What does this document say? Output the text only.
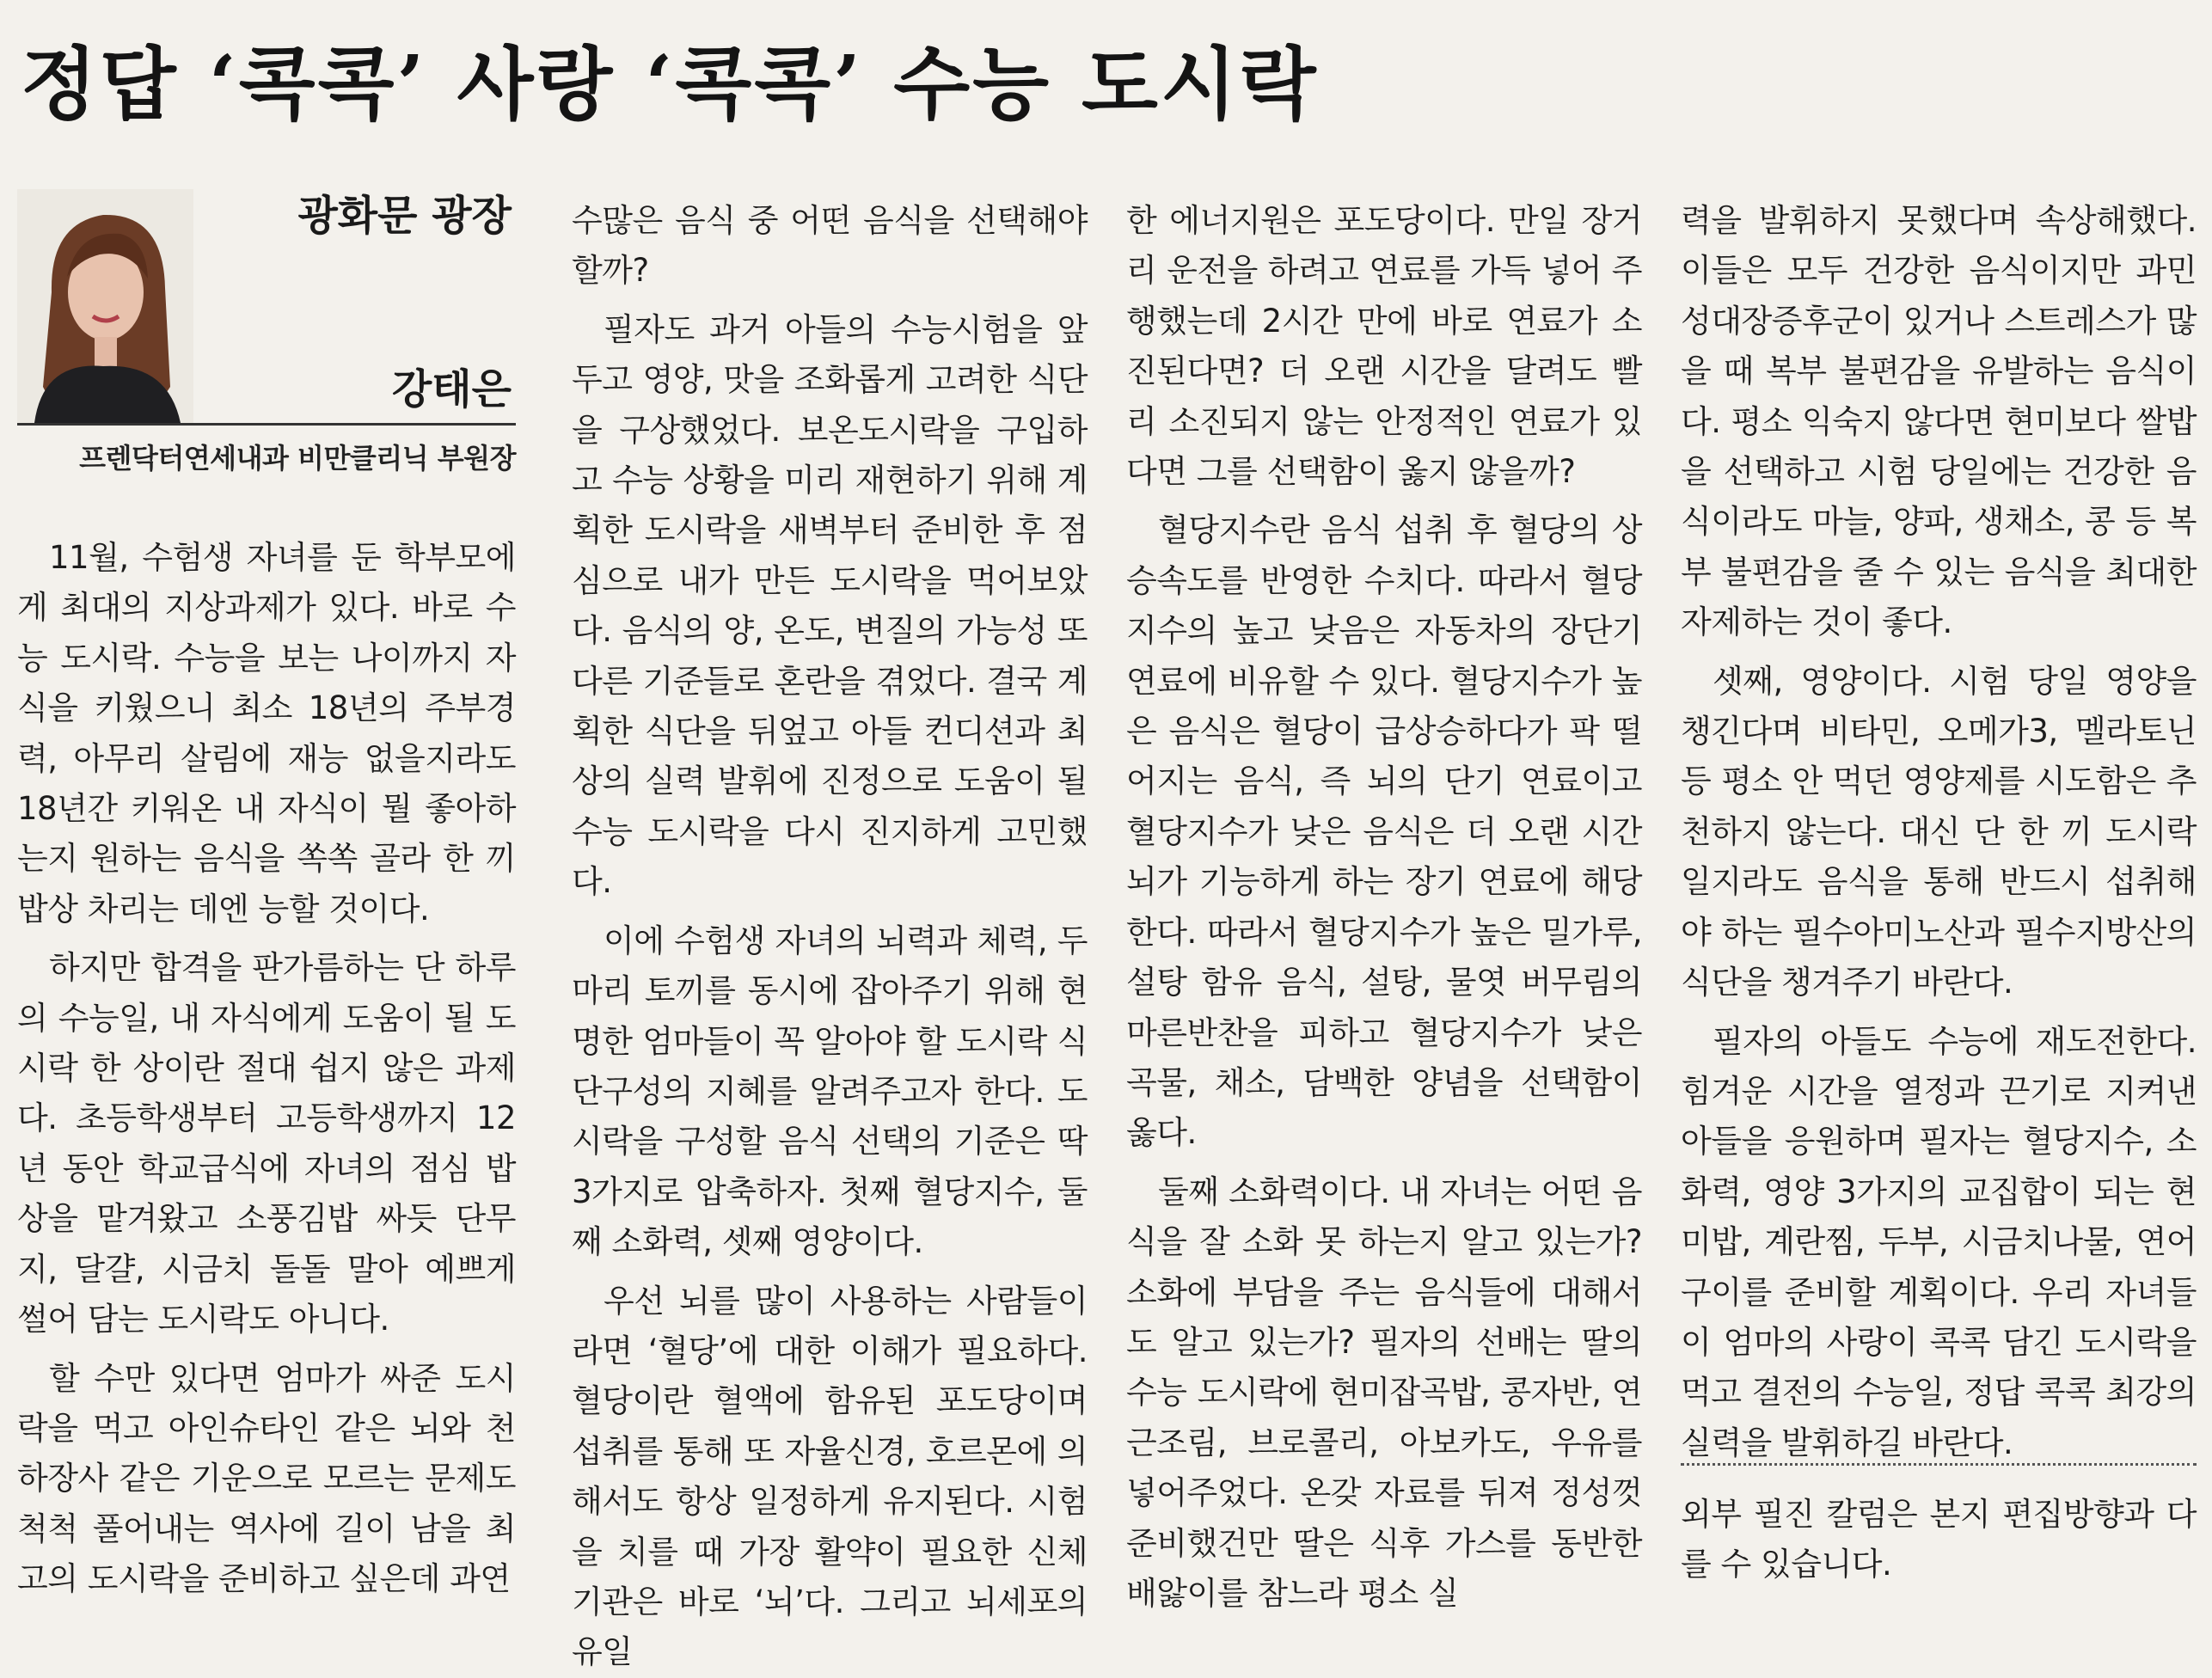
정답 ‘콕콕’ 사랑 ‘콕콕’ 수능 도시락
광화문 광장
강태은
프렌닥터연세내과 비만클리닉 부원장

11월, 수험생 자녀를 둔 학부모에게 최대의 지상과제가 있다. 바로 수능 도시락. 수능을 보는 나이까지 자식을 키웠으니 최소 18년의 주부경력, 아무리 살림에 재능 없을지라도 18년간 키워온 내 자식이 뭘 좋아하는지 원하는 음식을 쏙쏙 골라 한 끼 밥상 차리는 데엔 능할 것이다.

하지만 합격을 판가름하는 단 하루의 수능일, 내 자식에게 도움이 될 도시락 한 상이란 절대 쉽지 않은 과제다. 초등학생부터 고등학생까지 12년 동안 학교급식에 자녀의 점심 밥상을 맡겨왔고 소풍김밥 싸듯 단무지, 달걀, 시금치 돌돌 말아 예쁘게 썰어 담는 도시락도 아니다.

할 수만 있다면 엄마가 싸준 도시락을 먹고 아인슈타인 같은 뇌와 천하장사 같은 기운으로 모르는 문제도 척척 풀어내는 역사에 길이 남을 최고의 도시락을 준비하고 싶은데 과연

수많은 음식 중 어떤 음식을 선택해야 할까?

필자도 과거 아들의 수능시험을 앞두고 영양, 맛을 조화롭게 고려한 식단을 구상했었다. 보온도시락을 구입하고 수능 상황을 미리 재현하기 위해 계획한 도시락을 새벽부터 준비한 후 점심으로 내가 만든 도시락을 먹어보았다. 음식의 양, 온도, 변질의 가능성 또 다른 기준들로 혼란을 겪었다. 결국 계획한 식단을 뒤엎고 아들 컨디션과 최상의 실력 발휘에 진정으로 도움이 될 수능 도시락을 다시 진지하게 고민했다.

이에 수험생 자녀의 뇌력과 체력, 두 마리 토끼를 동시에 잡아주기 위해 현명한 엄마들이 꼭 알아야 할 도시락 식단구성의 지혜를 알려주고자 한다. 도시락을 구성할 음식 선택의 기준은 딱 3가지로 압축하자. 첫째 혈당지수, 둘째 소화력, 셋째 영양이다.

우선 뇌를 많이 사용하는 사람들이라면 ‘혈당’에 대한 이해가 필요하다. 혈당이란 혈액에 함유된 포도당이며 섭취를 통해 또 자율신경, 호르몬에 의해서도 항상 일정하게 유지된다. 시험을 치를 때 가장 활약이 필요한 신체 기관은 바로 ‘뇌’다. 그리고 뇌세포의 유일

한 에너지원은 포도당이다. 만일 장거리 운전을 하려고 연료를 가득 넣어 주행했는데 2시간 만에 바로 연료가 소진된다면? 더 오랜 시간을 달려도 빨리 소진되지 않는 안정적인 연료가 있다면 그를 선택함이 옳지 않을까?

혈당지수란 음식 섭취 후 혈당의 상승속도를 반영한 수치다. 따라서 혈당지수의 높고 낮음은 자동차의 장단기 연료에 비유할 수 있다. 혈당지수가 높은 음식은 혈당이 급상승하다가 팍 떨어지는 음식, 즉 뇌의 단기 연료이고 혈당지수가 낮은 음식은 더 오랜 시간 뇌가 기능하게 하는 장기 연료에 해당한다. 따라서 혈당지수가 높은 밀가루, 설탕 함유 음식, 설탕, 물엿 버무림의 마른반찬을 피하고 혈당지수가 낮은 곡물, 채소, 담백한 양념을 선택함이 옳다.

둘째 소화력이다. 내 자녀는 어떤 음식을 잘 소화 못 하는지 알고 있는가? 소화에 부담을 주는 음식들에 대해서도 알고 있는가? 필자의 선배는 딸의 수능 도시락에 현미잡곡밥, 콩자반, 연근조림, 브로콜리, 아보카도, 우유를 넣어주었다. 온갖 자료를 뒤져 정성껏 준비했건만 딸은 식후 가스를 동반한 배앓이를 참느라 평소 실

력을 발휘하지 못했다며 속상해했다. 이들은 모두 건강한 음식이지만 과민성대장증후군이 있거나 스트레스가 많을 때 복부 불편감을 유발하는 음식이다. 평소 익숙지 않다면 현미보다 쌀밥을 선택하고 시험 당일에는 건강한 음식이라도 마늘, 양파, 생채소, 콩 등 복부 불편감을 줄 수 있는 음식을 최대한 자제하는 것이 좋다.

셋째, 영양이다. 시험 당일 영양을 챙긴다며 비타민, 오메가3, 멜라토닌 등 평소 안 먹던 영양제를 시도함은 추천하지 않는다. 대신 단 한 끼 도시락일지라도 음식을 통해 반드시 섭취해야 하는 필수아미노산과 필수지방산의 식단을 챙겨주기 바란다.

필자의 아들도 수능에 재도전한다. 힘겨운 시간을 열정과 끈기로 지켜낸 아들을 응원하며 필자는 혈당지수, 소화력, 영양 3가지의 교집합이 되는 현미밥, 계란찜, 두부, 시금치나물, 연어구이를 준비할 계획이다. 우리 자녀들이 엄마의 사랑이 콕콕 담긴 도시락을 먹고 결전의 수능일, 정답 콕콕 최강의 실력을 발휘하길 바란다.

외부 필진 칼럼은 본지 편집방향과 다를 수 있습니다.
